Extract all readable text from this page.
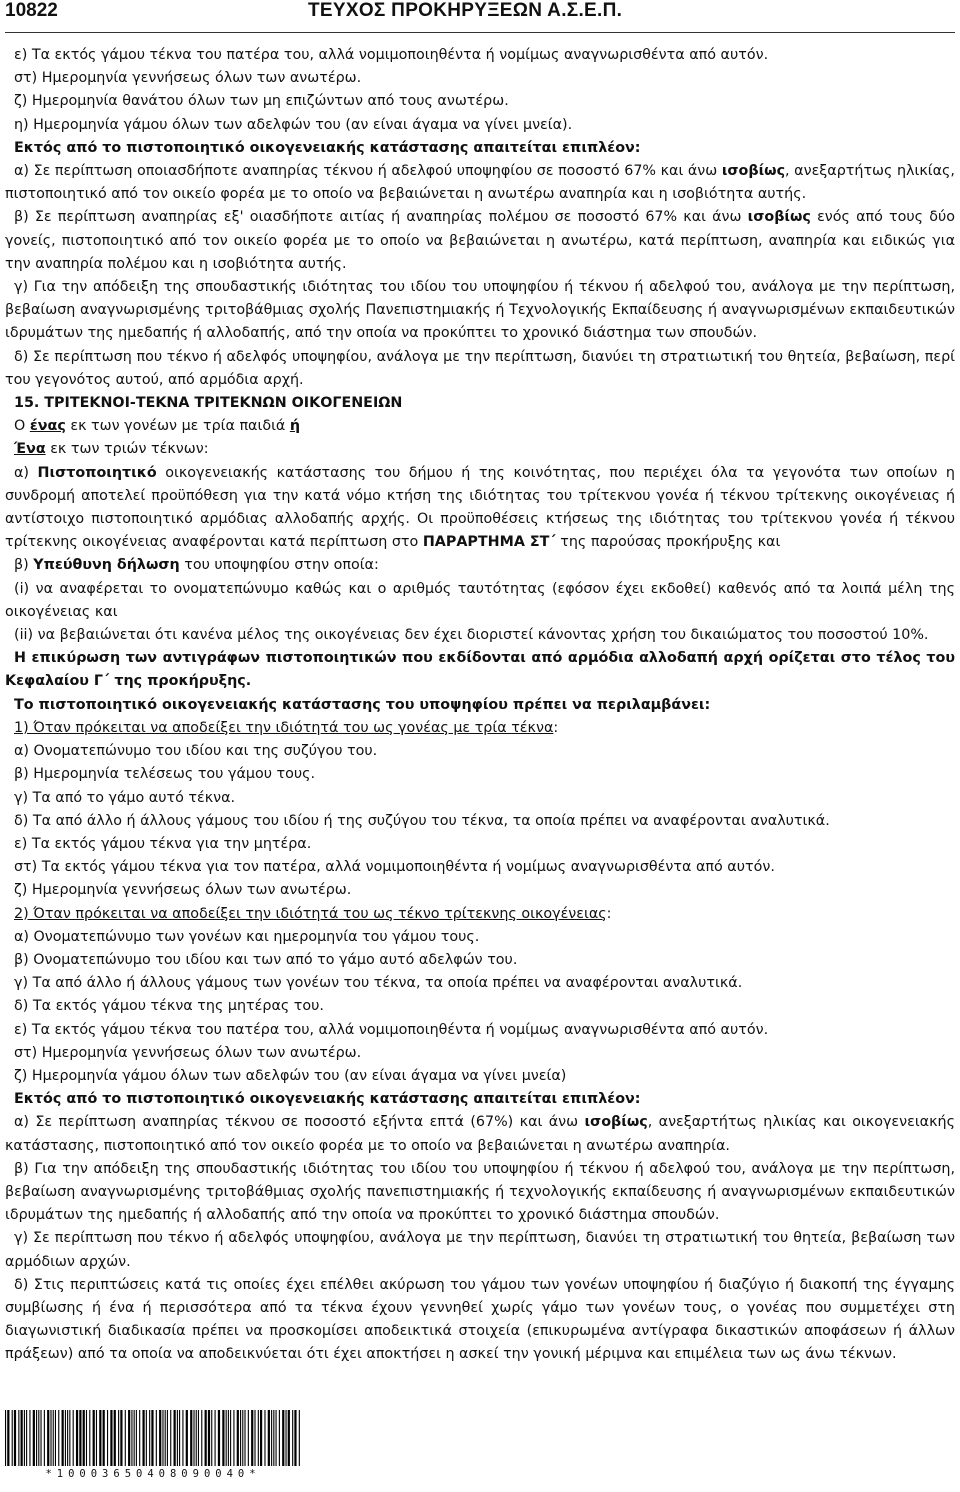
10822	ΤΕΥΧΟΣ ΠΡΟΚΗΡΥΞΕΩΝ Α.Σ.Ε.Π.

ε) Τα εκτός γάμου τέκνα του πατέρα του, αλλά νομιμοποιηθέντα ή νομίμως αναγνωρισθέντα από αυτόν.

στ) Ημερομηνία γεννήσεως όλων των ανωτέρω.

ζ) Ημερομηνία θανάτου όλων των μη επιζώντων από τους ανωτέρω.

η) Ημερομηνία γάμου όλων των αδελφών του (αν είναι άγαμα να γίνει μνεία).

Εκτός από το πιστοποιητικό οικογενειακής κατάστασης απαιτείται επιπλέον:

α) Σε περίπτωση οποιασδήποτε αναπηρίας τέκνου ή αδελφού υποψηφίου σε ποσοστό 67% και άνω ισοβίως, ανεξαρτήτως ηλικίας, πιστοποιητικό από τον οικείο φορέα με το οποίο να βεβαιώνεται η ανωτέρω αναπηρία και η ισοβιότητα αυτής.

β) Σε περίπτωση αναπηρίας εξ' οιασδήποτε αιτίας ή αναπηρίας πολέμου σε ποσοστό 67% και άνω ισοβίως ενός από τους δύο γονείς, πιστοποιητικό από τον οικείο φορέα με το οποίο να βεβαιώνεται η ανωτέρω, κατά περίπτωση, αναπηρία και ειδικώς για την αναπηρία πολέμου και η ισοβιότητα αυτής.

γ) Για την απόδειξη της σπουδαστικής ιδιότητας του ιδίου του υποψηφίου ή τέκνου ή αδελφού του, ανάλογα με την περίπτωση, βεβαίωση αναγνωρισμένης τριτοβάθμιας σχολής Πανεπιστημιακής ή Τεχνολογικής Εκπαίδευσης ή αναγνωρισμένων εκπαιδευτικών ιδρυμάτων της ημεδαπής ή αλλοδαπής, από την οποία να προκύπτει το χρονικό διάστημα των σπουδών.

δ) Σε περίπτωση που τέκνο ή αδελφός υποψηφίου, ανάλογα με την περίπτωση, διανύει τη στρατιωτική του θητεία, βεβαίωση, περί του γεγονότος αυτού, από αρμόδια αρχή.

15. ΤΡΙΤΕΚΝΟΙ-ΤΕΚΝΑ ΤΡΙΤΕΚΝΩΝ ΟΙΚΟΓΕΝΕΙΩΝ

Ο ένας εκ των γονέων με τρία παιδιά ή

Ένα εκ των τριών τέκνων:

α) Πιστοποιητικό οικογενειακής κατάστασης του δήμου ή της κοινότητας, που περιέχει όλα τα γεγονότα των οποίων η συνδρομή αποτελεί προϋπόθεση για την κατά νόμο κτήση της ιδιότητας του τρίτεκνου γονέα ή τέκνου τρίτεκνης οικογένειας ή αντίστοιχο πιστοποιητικό αρμόδιας αλλοδαπής αρχής. Οι προϋποθέσεις κτήσεως της ιδιότητας του τρίτεκνου γονέα ή τέκνου τρίτεκνης οικογένειας αναφέρονται κατά περίπτωση στο ΠΑΡΑΡΤΗΜΑ ΣΤ΄ της παρούσας προκήρυξης και

β) Υπεύθυνη δήλωση του υποψηφίου στην οποία:

(i) να αναφέρεται το ονοματεπώνυμο καθώς και ο αριθμός ταυτότητας (εφόσον έχει εκδοθεί) καθενός από τα λοιπά μέλη της οικογένειας και

(ii) να βεβαιώνεται ότι κανένα μέλος της οικογένειας δεν έχει διοριστεί κάνοντας χρήση του δικαιώματος του ποσοστού 10%.

Η επικύρωση των αντιγράφων πιστοποιητικών που εκδίδονται από αρμόδια αλλοδαπή αρχή ορίζεται στο τέλος του Κεφαλαίου Γ΄ της προκήρυξης.

Το πιστοποιητικό οικογενειακής κατάστασης του υποψηφίου πρέπει να περιλαμβάνει:

1) Όταν πρόκειται να αποδείξει την ιδιότητά του ως γονέας με τρία τέκνα:

α) Ονοματεπώνυμο του ιδίου και της συζύγου του.

β) Ημερομηνία τελέσεως του γάμου τους.

γ) Τα από το γάμο αυτό τέκνα.

δ) Τα από άλλο ή άλλους γάμους του ιδίου ή της συζύγου του τέκνα, τα οποία πρέπει να αναφέρονται αναλυτικά.

ε) Τα εκτός γάμου τέκνα για την μητέρα.

στ) Τα εκτός γάμου τέκνα για τον πατέρα, αλλά νομιμοποιηθέντα ή νομίμως αναγνωρισθέντα από αυτόν.

ζ) Ημερομηνία γεννήσεως όλων των ανωτέρω.

2) Όταν πρόκειται να αποδείξει την ιδιότητά του ως τέκνο τρίτεκνης οικογένειας:

α) Ονοματεπώνυμο των γονέων και ημερομηνία του γάμου τους.

β) Ονοματεπώνυμο του ιδίου και των από το γάμο αυτό αδελφών του.

γ) Τα από άλλο ή άλλους γάμους των γονέων του τέκνα, τα οποία πρέπει να αναφέρονται αναλυτικά.

δ) Τα εκτός γάμου τέκνα της μητέρας του.

ε) Τα εκτός γάμου τέκνα του πατέρα του, αλλά νομιμοποιηθέντα ή νομίμως αναγνωρισθέντα από αυτόν.

στ) Ημερομηνία γεννήσεως όλων των ανωτέρω.

ζ) Ημερομηνία γάμου όλων των αδελφών του (αν είναι άγαμα να γίνει μνεία)

Εκτός από το πιστοποιητικό οικογενειακής κατάστασης απαιτείται επιπλέον:

α) Σε περίπτωση αναπηρίας τέκνου σε ποσοστό εξήντα επτά (67%) και άνω ισοβίως, ανεξαρτήτως ηλικίας και οικογενειακής κατάστασης, πιστοποιητικό από τον οικείο φορέα με το οποίο να βεβαιώνεται η ανωτέρω αναπηρία.

β) Για την απόδειξη της σπουδαστικής ιδιότητας του ιδίου του υποψηφίου ή τέκνου ή αδελφού του, ανάλογα με την περίπτωση, βεβαίωση αναγνωρισμένης τριτοβάθμιας σχολής πανεπιστημιακής ή τεχνολογικής εκπαίδευσης ή αναγνωρισμένων εκπαιδευτικών ιδρυμάτων της ημεδαπής ή αλλοδαπής από την οποία να προκύπτει το χρονικό διάστημα σπουδών.

γ) Σε περίπτωση που τέκνο ή αδελφός υποψηφίου, ανάλογα με την περίπτωση, διανύει τη στρατιωτική του θητεία, βεβαίωση των αρμόδιων αρχών.

δ) Στις περιπτώσεις κατά τις οποίες έχει επέλθει ακύρωση του γάμου των γονέων υποψηφίου ή διαζύγιο ή διακοπή της έγγαμης συμβίωσης ή ένα ή περισσότερα από τα τέκνα έχουν γεννηθεί χωρίς γάμο των γονέων τους, ο γονέας που συμμετέχει στη διαγωνιστική διαδικασία πρέπει να προσκομίσει αποδεικτικά στοιχεία (επικυρωμένα αντίγραφα δικαστικών αποφάσεων ή άλλων πράξεων) από τα οποία να αποδεικνύεται ότι έχει αποκτήσει η ασκεί την γονική μέριμνα και επιμέλεια των ως άνω τέκνων.

*10003650408090040*
